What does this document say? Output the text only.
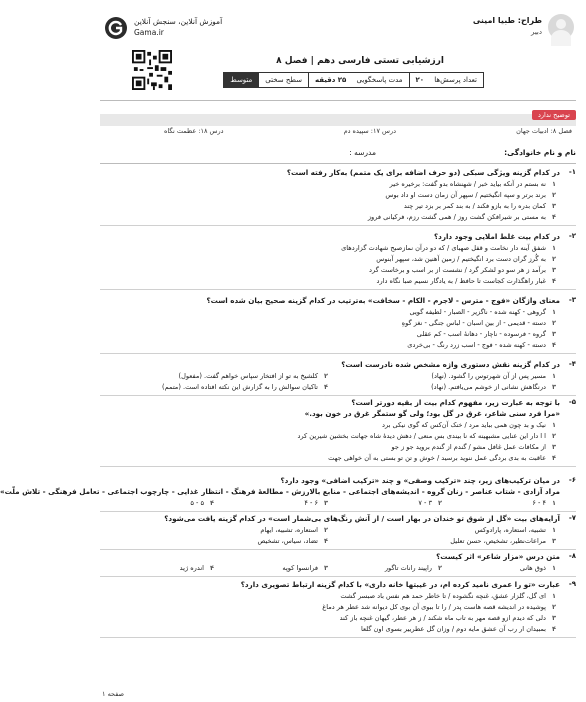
آموزش آنلاین، سنجش آنلاین
Gama.ir
طراح: طبیا امینی
دبیر
ارزشیابی تستی فارسی دهم | فصل ۸
تعداد پرسش‌ها ۲۰
مدت پاسخگویی ۲۵ دقیقه
سطح سختی
متوسط
توضیح ندارد
فصل ۸: ادبیات جهان
درس ۱۷: سپیده دم
درس ۱۸: عظمت نگاه
نام و نام خانوادگی:
مدرسه :
۱-
در کدام گزینه ویژگی سبکی (دو حرف اضافه برای یک متمم) به‌کار رفته است؟
۱نه بستم در آنکه بیاید خبر / شهنشاه بدو گفت: برخیره خیر
۲برند برتر و سپه انگیختیم / سپهر آن زمان دست او داد بوس
۳کمان بدره را به بازو فکند / به بند کمر بر بزد تیر چند
۴به مستی بر شیرافکن گشت روز / همی گشت رزم، فرکیانی فروز
۲-
در کدام بیت غلط املایی وجود دارد؟
۱شفق آینه دار نخامت و قفل صهبای / که دو درآن نمازصبح شهادت گزاردهای
۲به گُرز گران دست برد انگیختیم / زمین آهنین شد، سپهر آبنوس
۳برآمد ز هر سو دو لشکر گرد / نشست از بر اسب و برخاست گرد
۴غبار راهگذارت کجاست تا حافظ / به یادگار نسیم صبا نگاه دارد
۳-
معنای واژگان «فوج - مترس - لاجرم - الکام - سخافت» به‌ترتیب در کدام گزینه صحیح بیان شده است؟
۱گروهی - کهنه شده - ناگزیر - الصبار - لطیفه گویی
۲دسته - قدیمی - از بین اسبان - لباس جنگی - نغز گوهِ
۳گروه - فرسوده - ناچار - دهانهٔ اسب - کم عقلی
۴دسته - کهنه شده - فوج - اسب زرد رنگ - بی‌خردی
۴-
در کدام گزینه نقش دستوری واژه مشخص شده نادرست است؟
۱مسیر پس از آن شهرتوس را گشود. (نهاد)
۲کلشیخ به تو از افتخار سپاس خواهم گفت. (مفعول)
۳درنگاهش نشانی از خوشم می‌یافتم. (نهاد)
۴تاکیان سوالش را به گزارش این نکته افتاده است. (متمم)
۵-
با توجه به عبارت زیر، مفهوم کدام بیت از بقیه دورتر است؟
«مرا فرد سنی شاعر، غرق در گل بود؛ ولی گو ستمگر غرق در خون بود.»
۱نیک و بد چون همی بباید مرد / خنک آن‌کس که گوی نیکی برد
۲ا ا دار این عنایی مشبهینه که نا بیندی بس منعی / دهش دیدهٔ شاه جهانت بخشین شیرین کرد
۳از مکافات عمل غافل مشو / گندم از گندم بروید جو ز جو
۴عاقبت به بدی بردگی عمل ننوید برسید / خوش و تن تو بستی به آن خواهی جهت
۶-
در میان ترکیب‌های زیر، چند «ترکیب وصفی» و چند «ترکیب اضافی» وجود دارد؟
مراد آزادی - شتاب عناصر - زنان گروه - اندیشه‌های اجتماعی - منابع بالارزش - مطالعهٔ فرهنگ - انتظار غذایی - چارچوب اجتماعی - تعامل فرهنگی - تلاش ملّت»
۱۴ - ۶
۲۳ - ۷
۳۶ - ۴
۴۵ - ۵
۷-
آرایه‌های بیت «گل از شوق تو خندان در بهار است / از آنش رنگ‌های بی‌شمار است» در کدام گزینه یافت می‌شود؟
۱تشبیه، استعاره، پارادوکس
۲استعاره، تشبیه، ایهام
۳مراعات‌نظیر، تشخیص، حسن تعلیل
۴تضاد، سیاس، تشخیص
۸-
متن درس «مزار شاعر» اثر کیست؟
۱ذوق هانی
۲راپیند رانات تاگور
۳فرانسوا کوپه
۴اندره ژید
۹-
عبارت «تو را عمری نامید کرده ام، در غیبتها خانه داری» با کدام گزینه ارتباط تصویری دارد؟
۱ای گل، گلزار عشق، غنچه نگشوده / تا خاطر حمد هم نفس باد صبسر گشت
۲پوشیده در اندیشه قصه هاست پدر / را تا ببوی آن بوی کل دیوانه شد عطر هر دماغ
۳دلی که دیدم ازو قصه مهر به تاب ماه شکند / ز هر عطر، گیهان غنچه باز کند
۴بمبیدان ار رب آن عشق مایه دوم / وزان گل عطرییر بسوی اون گلعا
صفحه ۱
